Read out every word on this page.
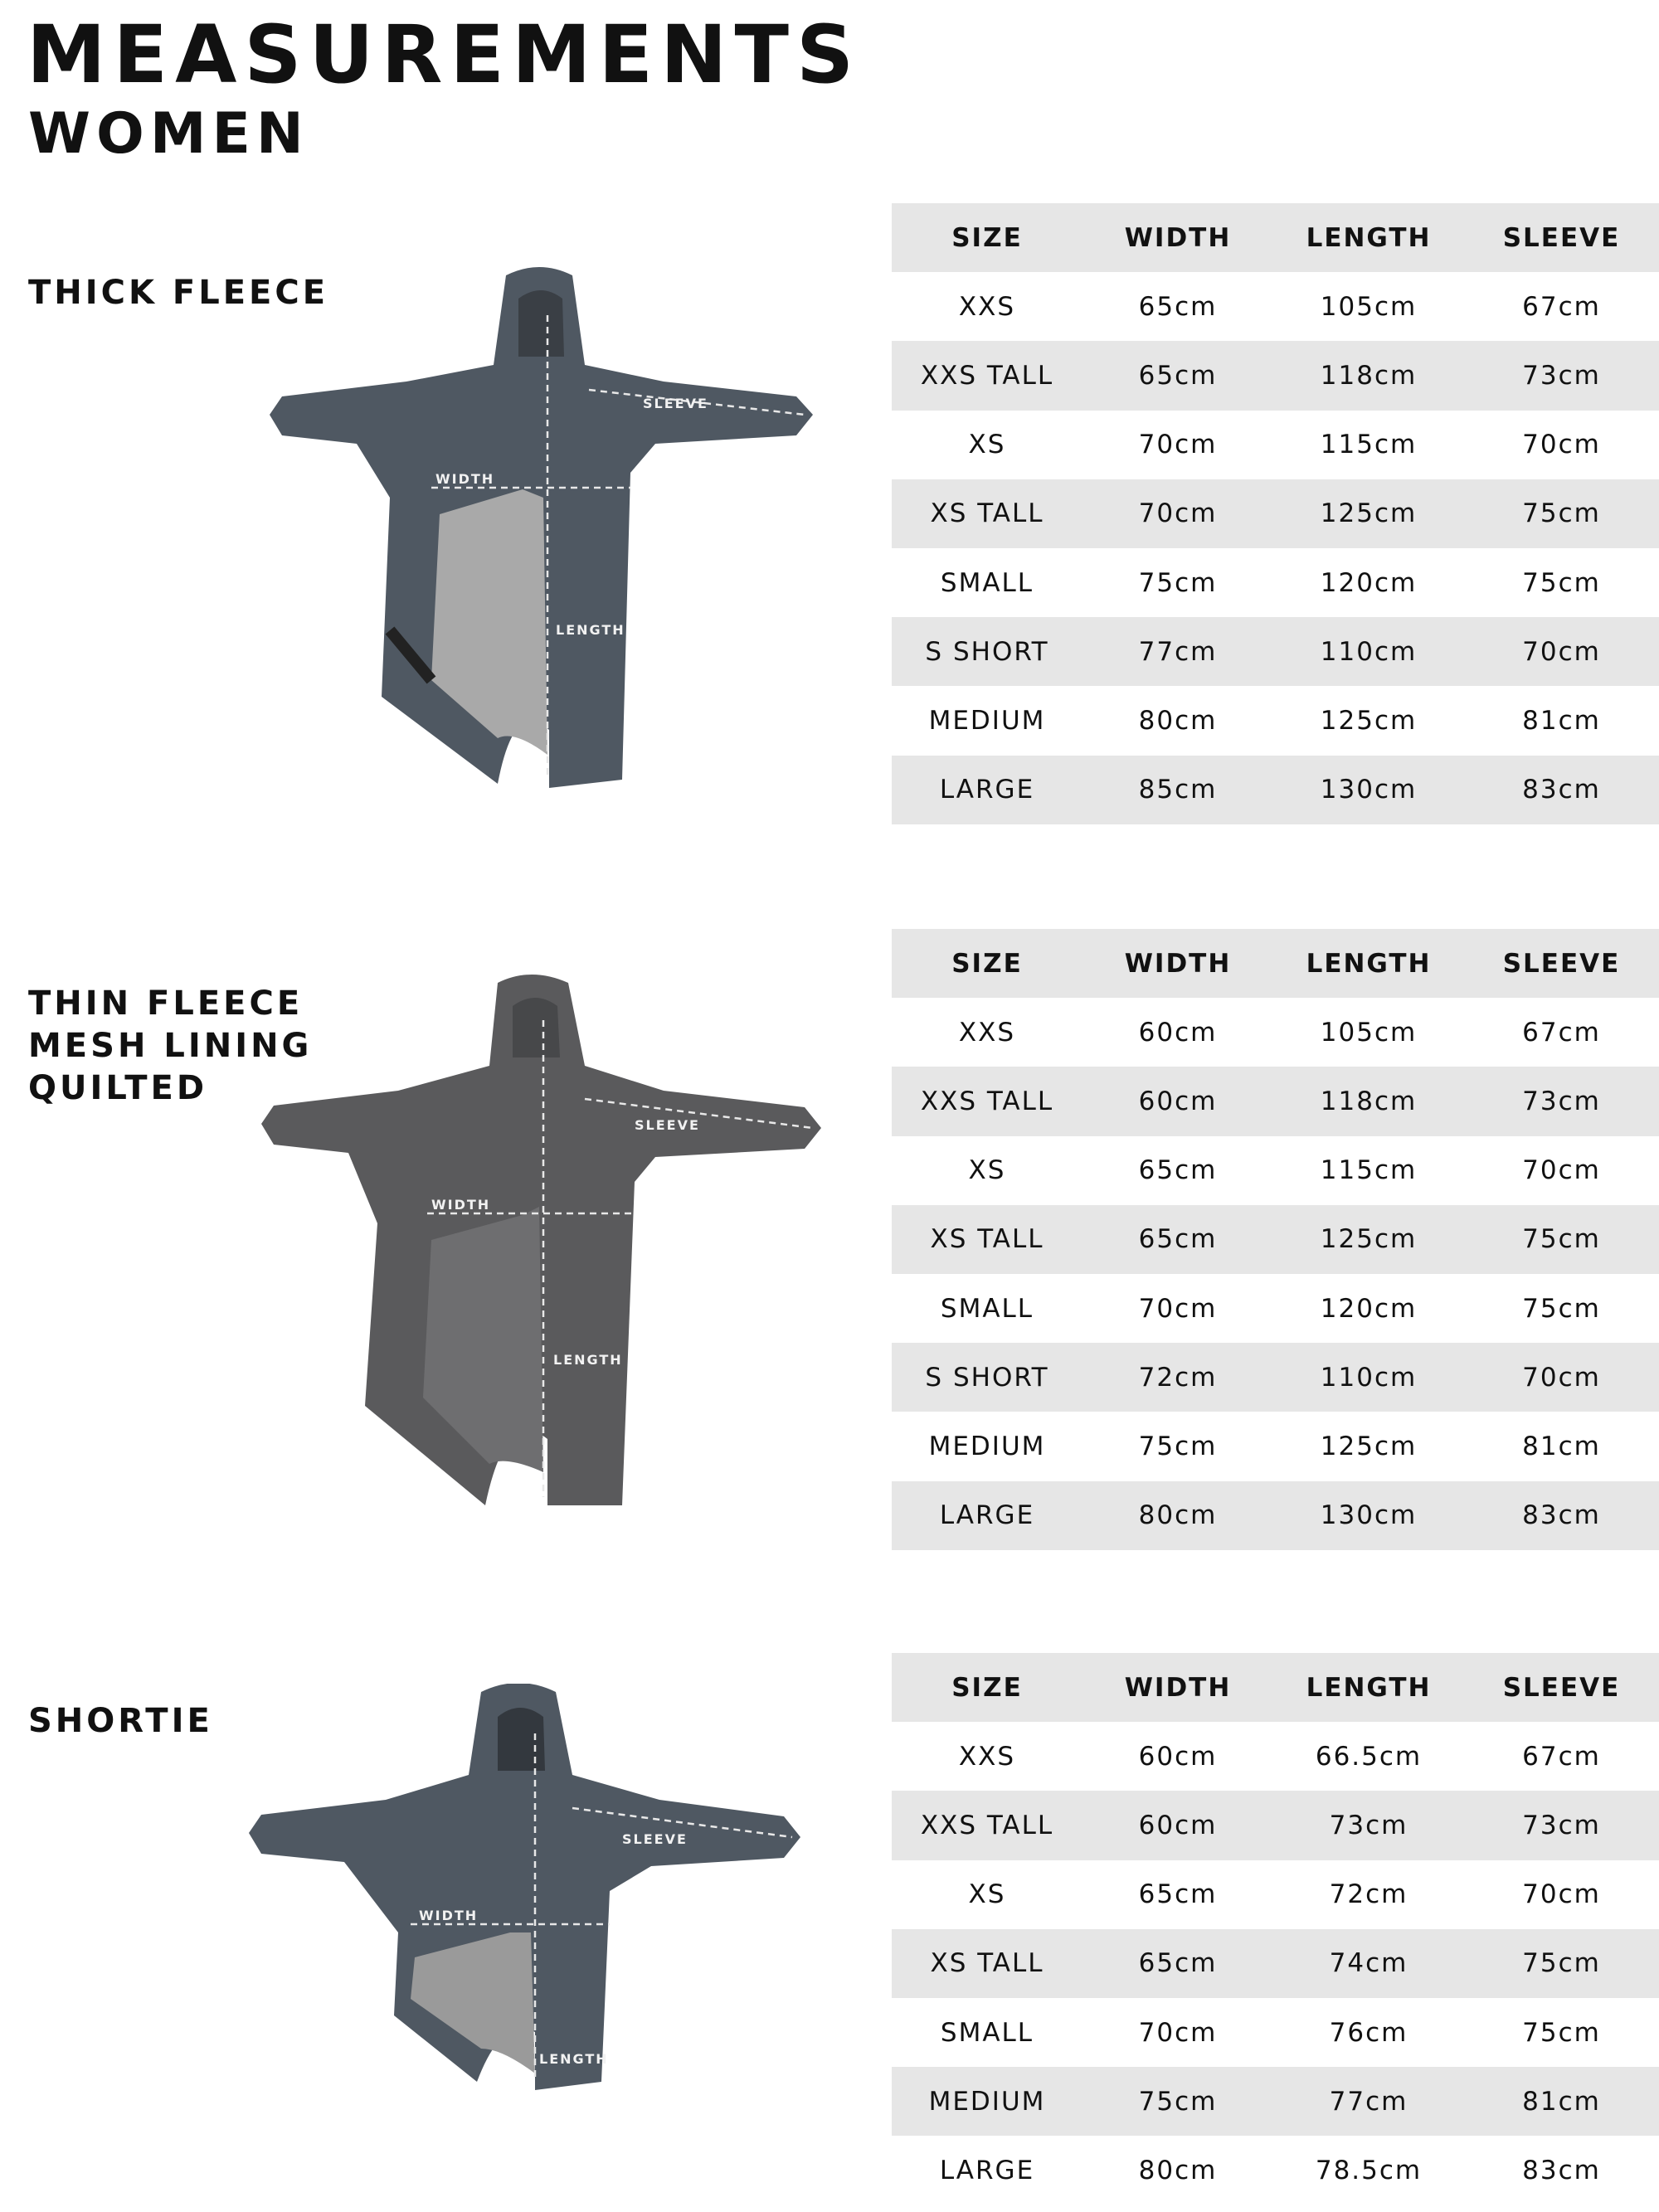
MEASUREMENTS
WOMEN
THICK FLEECE
SLEEVE
WIDTH
LENGTH
SIZE	WIDTH	LENGTH	SLEEVE
XXS	65cm	105cm	67cm
XXS TALL	65cm	118cm	73cm
XS	70cm	115cm	70cm
XS TALL	70cm	125cm	75cm
SMALL	75cm	120cm	75cm
S SHORT	77cm	110cm	70cm
MEDIUM	80cm	125cm	81cm
LARGE	85cm	130cm	83cm
THIN FLEECE
MESH LINING
QUILTED
SLEEVE
WIDTH
LENGTH
SIZE	WIDTH	LENGTH	SLEEVE
XXS	60cm	105cm	67cm
XXS TALL	60cm	118cm	73cm
XS	65cm	115cm	70cm
XS TALL	65cm	125cm	75cm
SMALL	70cm	120cm	75cm
S SHORT	72cm	110cm	70cm
MEDIUM	75cm	125cm	81cm
LARGE	80cm	130cm	83cm
SHORTIE
SLEEVE
WIDTH
LENGTH
SIZE	WIDTH	LENGTH	SLEEVE
XXS	60cm	66.5cm	67cm
XXS TALL	60cm	73cm	73cm
XS	65cm	72cm	70cm
XS TALL	65cm	74cm	75cm
SMALL	70cm	76cm	75cm
MEDIUM	75cm	77cm	81cm
LARGE	80cm	78.5cm	83cm
